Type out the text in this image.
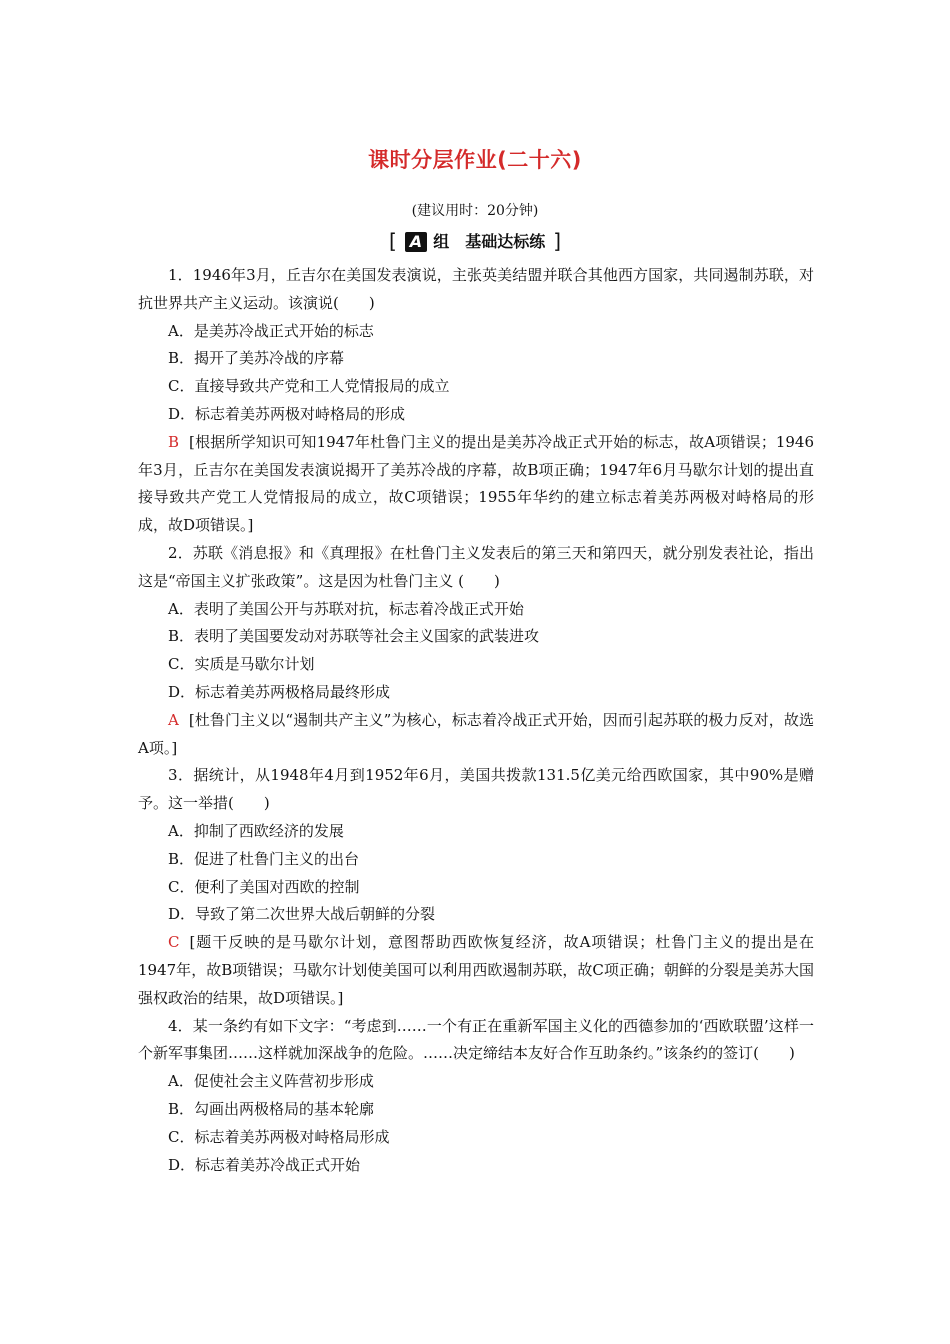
课时分层作业(二十六)
(建议用时：20分钟)
[ A 组　基础达标练 ]

1．1946年3月，丘吉尔在美国发表演说，主张英美结盟并联合其他西方国家，共同遏制苏联，对抗世界共产主义运动。该演说(　　)

A．是美苏冷战正式开始的标志

B．揭开了美苏冷战的序幕

C．直接导致共产党和工人党情报局的成立

D．标志着美苏两极对峙格局的形成

B [根据所学知识可知1947年杜鲁门主义的提出是美苏冷战正式开始的标志，故A项错误；1946年3月，丘吉尔在美国发表演说揭开了美苏冷战的序幕，故B项正确；1947年6月马歇尔计划的提出直接导致共产党工人党情报局的成立，故C项错误；1955年华约的建立标志着美苏两极对峙格局的形成，故D项错误。]

2．苏联《消息报》和《真理报》在杜鲁门主义发表后的第三天和第四天，就分别发表社论，指出这是“帝国主义扩张政策”。这是因为杜鲁门主义 (　　)

A．表明了美国公开与苏联对抗，标志着冷战正式开始

B．表明了美国要发动对苏联等社会主义国家的武装进攻

C．实质是马歇尔计划

D．标志着美苏两极格局最终形成

A [杜鲁门主义以“遏制共产主义”为核心，标志着冷战正式开始，因而引起苏联的极力反对，故选A项。]

3．据统计，从1948年4月到1952年6月，美国共拨款131.5亿美元给西欧国家，其中90%是赠予。这一举措(　　)

A．抑制了西欧经济的发展

B．促进了杜鲁门主义的出台

C．便利了美国对西欧的控制

D．导致了第二次世界大战后朝鲜的分裂

C [题干反映的是马歇尔计划，意图帮助西欧恢复经济，故A项错误；杜鲁门主义的提出是在1947年，故B项错误；马歇尔计划使美国可以利用西欧遏制苏联，故C项正确；朝鲜的分裂是美苏大国强权政治的结果，故D项错误。]

4．某一条约有如下文字：“考虑到……一个有正在重新军国主义化的西德参加的‘西欧联盟’这样一个新军事集团……这样就加深战争的危险。……决定缔结本友好合作互助条约。”该条约的签订(　　)

A．促使社会主义阵营初步形成

B．勾画出两极格局的基本轮廓

C．标志着美苏两极对峙格局形成

D．标志着美苏冷战正式开始
